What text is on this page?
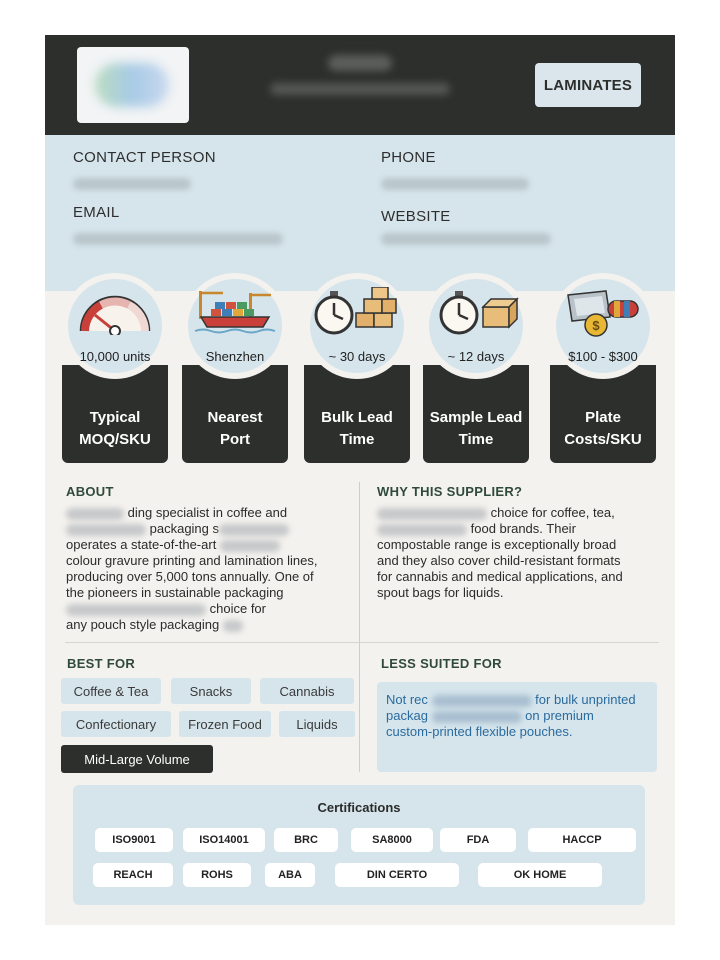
LAMINATES
CONTACT PERSON
EMAIL
PHONE
WEBSITE
10,000 units
Typical
MOQ/SKU
Shenzhen
Nearest
Port
~ 30 days
Bulk Lead
Time
~ 12 days
Sample Lead
Time
$
$100 - $300
Plate
Costs/SKU
ABOUT
ding specialist in coffee and
packaging s
operates a state-of-the-art
colour gravure printing and lamination lines,
producing over 5,000 tons annually. One of
the pioneers in sustainable packaging
choice for
any pouch style packaging
WHY THIS SUPPLIER?
choice for coffee, tea,
food brands. Their
compostable range is exceptionally broad
and they also cover child-resistant formats
for cannabis and medical applications, and
spout bags for liquids.
BEST FOR
Coffee & Tea	Snacks	Cannabis
Confectionary	Frozen Food	Liquids
Mid-Large Volume
LESS SUITED FOR
Not rec	for bulk unprinted
packag	on premium
custom-printed flexible pouches.
Certifications
ISO9001	ISO14001	BRC	SA8000	FDA	HACCP
REACH	ROHS	ABA	DIN CERTO	OK HOME
